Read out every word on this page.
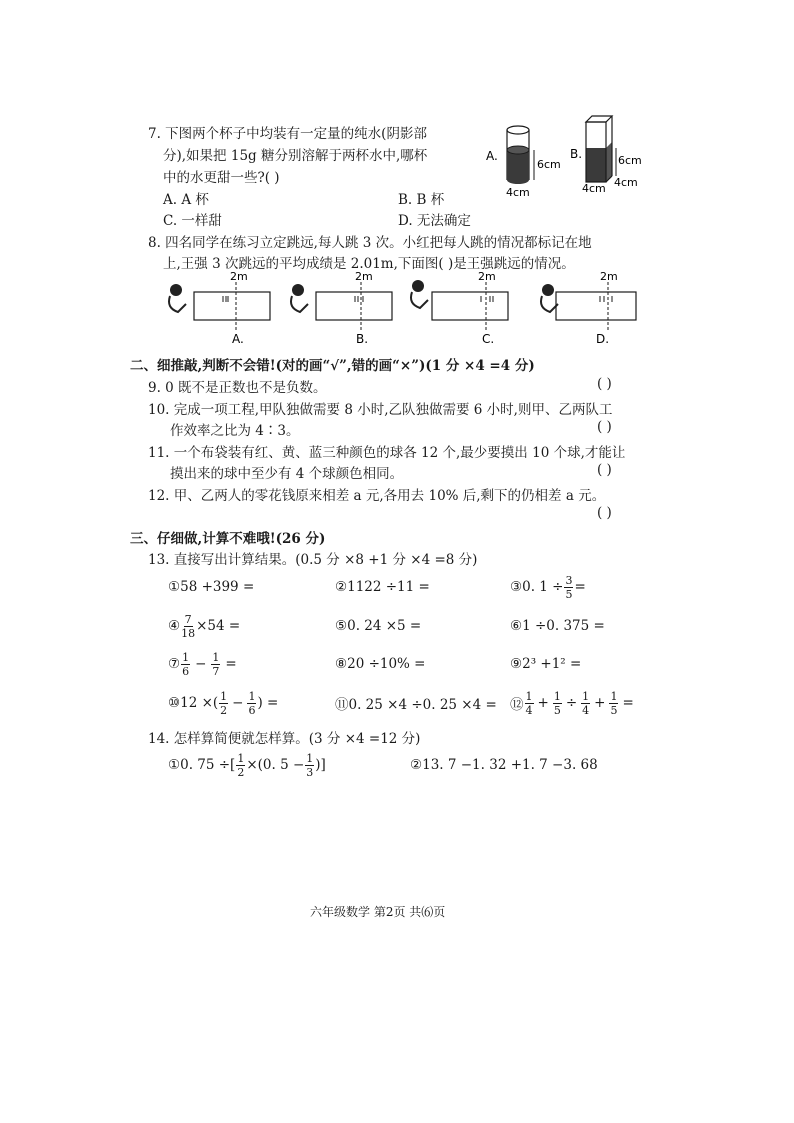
7. 下图两个杯子中均装有一定量的纯水(阴影部
分),如果把 15g 糖分别溶解于两杯水中,哪杯
中的水更甜一些?( )
A. A 杯	B. B 杯
C. 一样甜	D. 无法确定
A.
6cm
4cm
B.	6cm
4cm
4cm
8. 四名同学在练习立定跳远,每人跳 3 次。小红把每人跳的情况都标记在地
上,王强 3 次跳远的平均成绩是 2.01m,下面图( )是王强跳远的情况。
2m
A.
2m
B.
2m
C.
2m
D.
二、细推敲,判断不会错!(对的画“√”,错的画“×”)(1 分 ×4 =4 分)
9. 0 既不是正数也不是负数。	( )
10. 完成一项工程,甲队独做需要 8 小时,乙队独做需要 6 小时,则甲、乙两队工
作效率之比为 4∶3。	( )
11. 一个布袋装有红、黄、蓝三种颜色的球各 12 个,最少要摸出 10 个球,才能让
摸出来的球中至少有 4 个球颜色相同。	( )
12. 甲、乙两人的零花钱原来相差 a 元,各用去 10% 后,剩下的仍相差 a 元。
( )
三、仔细做,计算不难哦!(26 分)
13. 直接写出计算结果。(0.5 分 ×8 +1 分 ×4 =8 分)
①58 +399 =	②1122 ÷11 =	③0. $1 \div \frac{3}{5}$ =
④ $\frac{7}{18} \times 54$ =	⑤0. 24 ×5 =	⑥1 ÷0. 375 =
⑦ 1
$6 - \frac{1}{7}$ =	⑧20 ÷10% =	⑨2³ +1² =
⑩12 ×( 1
$2 - \frac{1}{6}$ ) =	⑪0. 25 ×4 ÷0. 25 ×4 = ⑫
1
$4 + \frac{1}{5} \div \frac{1}{4} + \frac{1}{5}$ =
14. 怎样算简便就怎样算。(3 分 ×4 =12 分)
①0. 75 ÷[ $\frac{1}{2} \times(0$. $5 - \frac{1}{3}$ )]	②13. 7 −1. 32 +1. 7 −3. 68
六年级数学 第2页 共⑹页
